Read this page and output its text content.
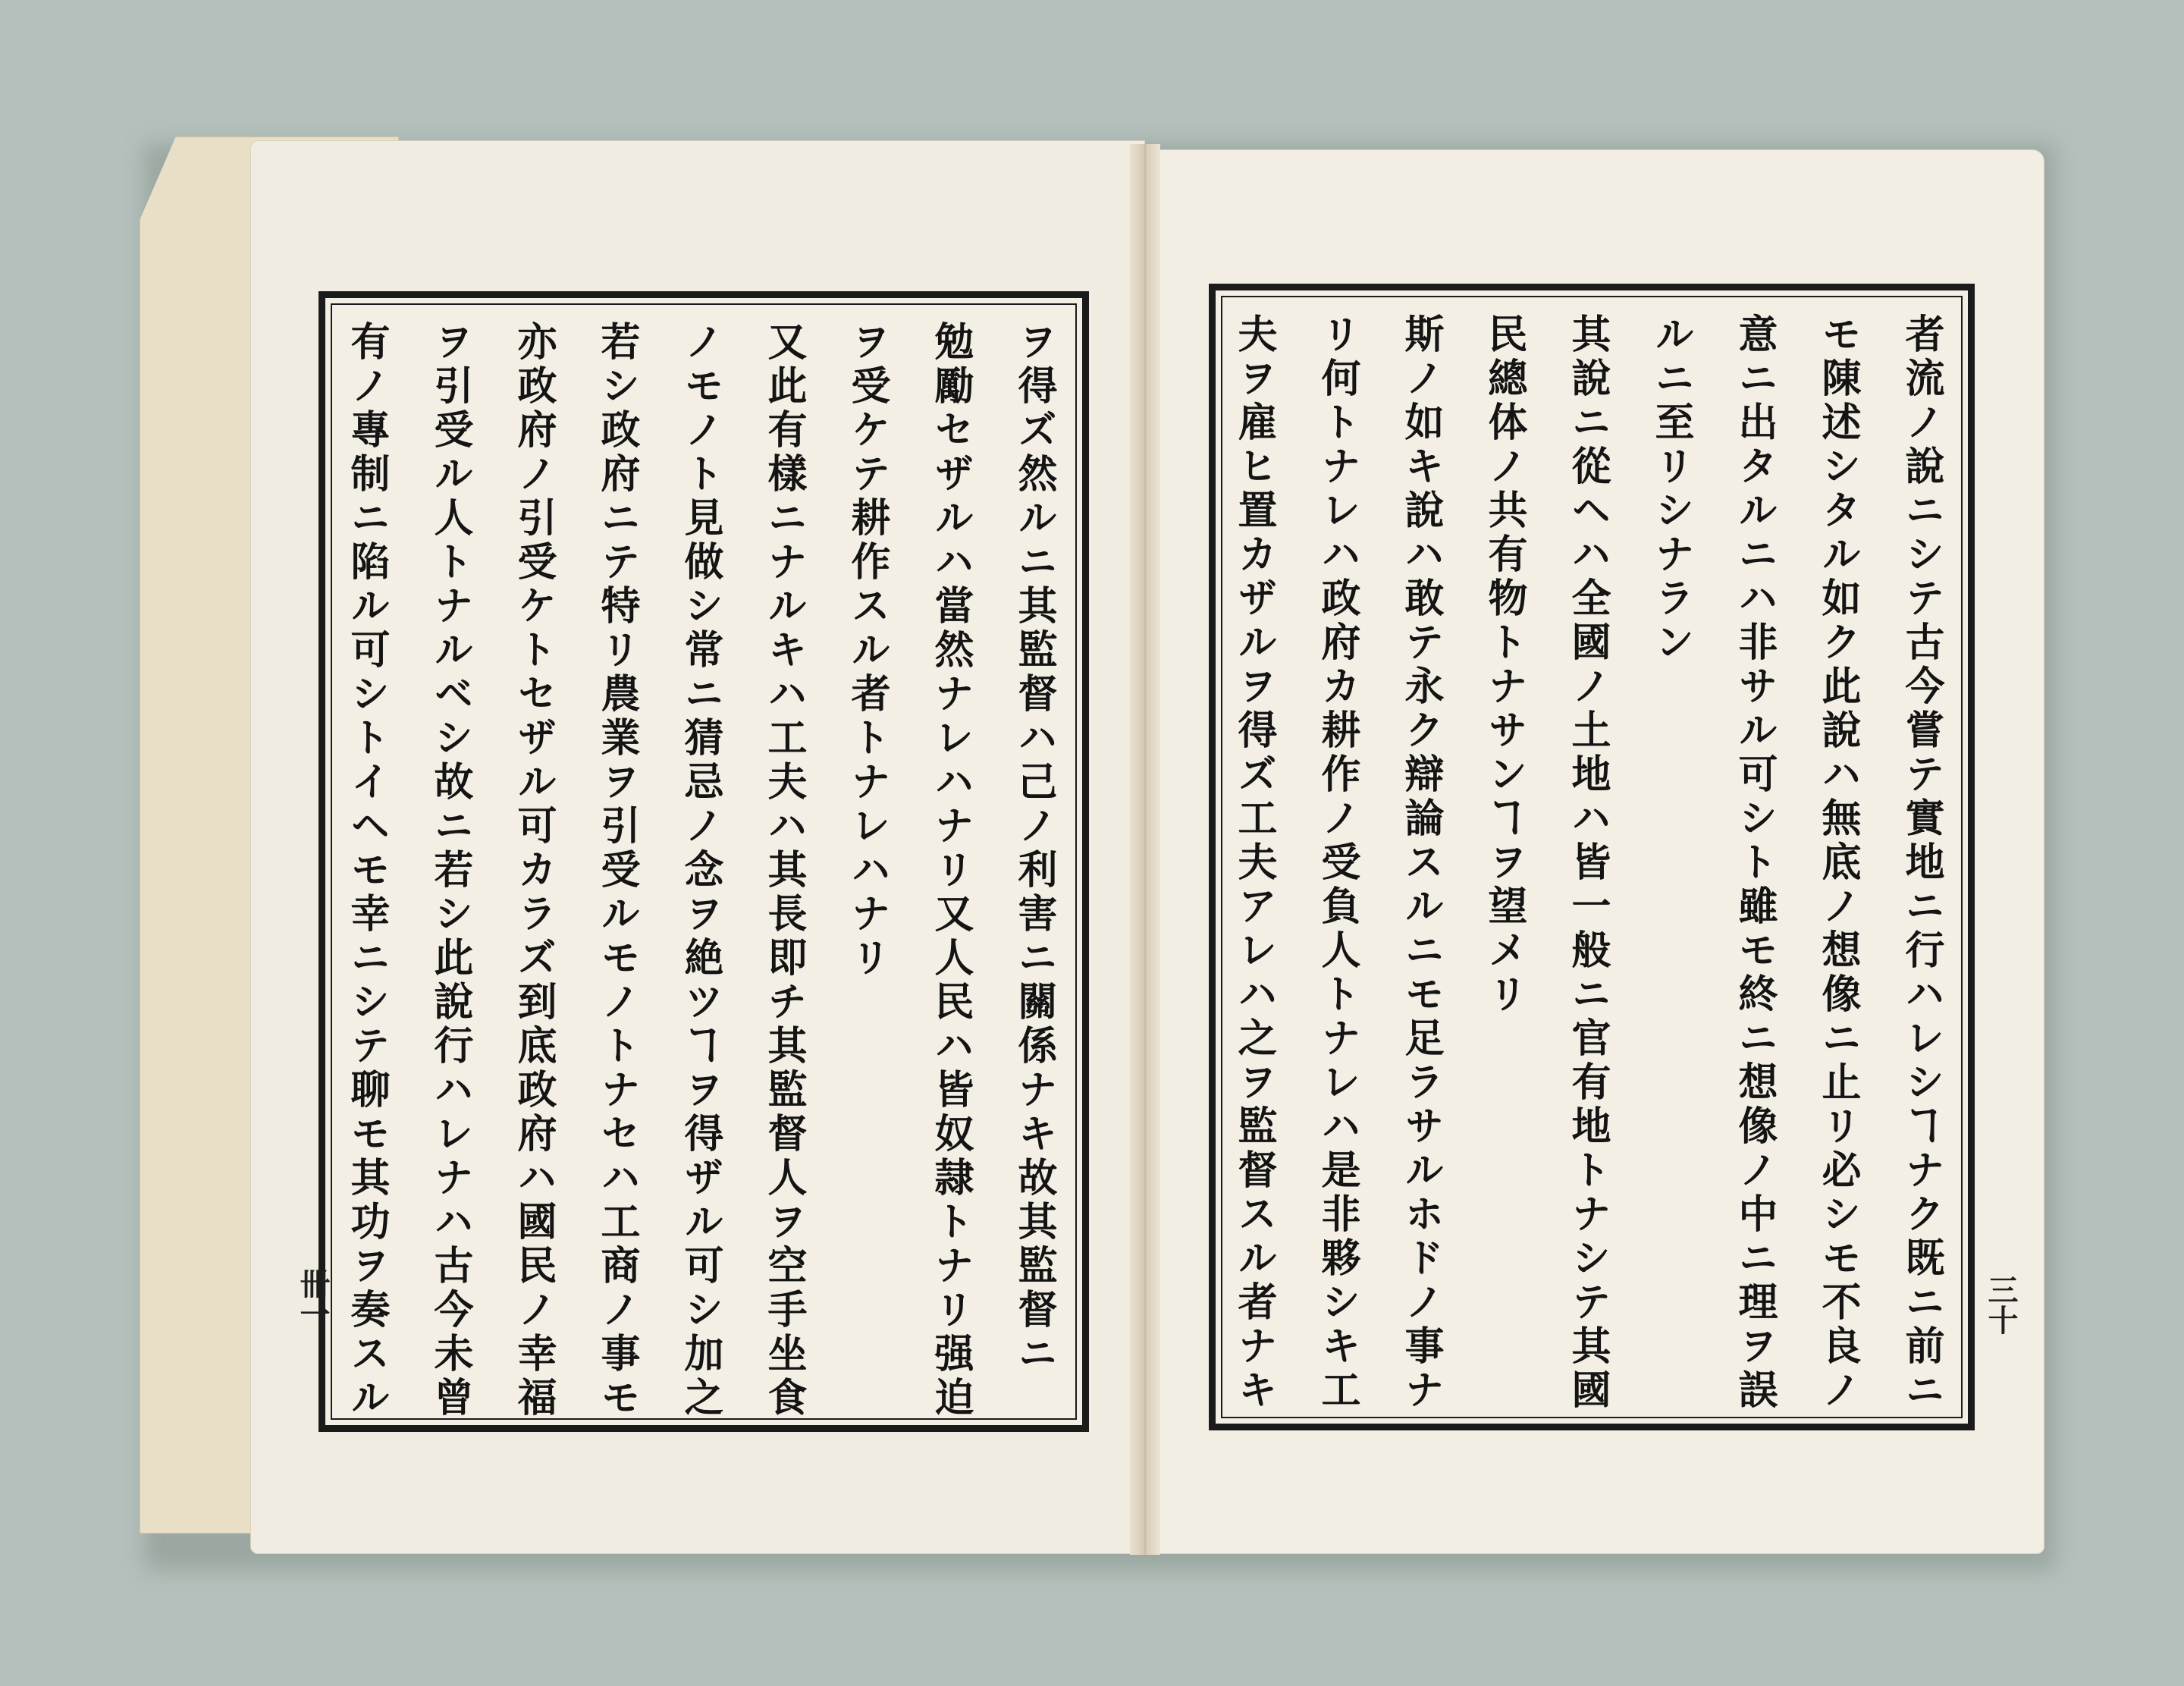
ヲ得ズ然ルニ其監督ハ己ノ利害ニ關係ナキ故其監督ニ
勉勵セザルハ當然ナレハナリ又人民ハ皆奴隷トナリ强迫
ヲ受ケテ耕作スル者トナレハナリ
又此有樣ニナルキハ工夫ハ其長即チ其監督人ヲ空手坐食
ノモノト見做シ常ニ猜忌ノ念ヲ絶ツヿヲ得ザル可シ加之
若シ政府ニテ特リ農業ヲ引受ルモノトナセハ工商ノ事モ
亦政府ノ引受ケトセザル可カラズ到底政府ハ國民ノ幸福
ヲ引受ル人トナルベシ故ニ若シ此說行ハレナハ古今未曾
有ノ專制ニ陷ル可シトイヘモ幸ニシテ聊モ其功ヲ奏スル	者流ノ說ニシテ古今嘗テ實地ニ行ハレシヿナク既ニ前ニ
モ陳述シタル如ク此說ハ無底ノ想像ニ止リ必シモ不良ノ
意ニ出タルニハ非サル可シト雖モ終ニ想像ノ中ニ理ヲ誤
ルニ至リシナラン
其說ニ從ヘハ全國ノ土地ハ皆一般ニ官有地トナシテ其國
民總体ノ共有物トナサンヿヲ望メリ
斯ノ如キ說ハ敢テ永ク辯論スルニモ足ラサルホドノ事ナ
リ何トナレハ政府カ耕作ノ受負人トナレハ是非夥シキ工
夫ヲ雇ヒ置カザルヲ得ズ工夫アレハ之ヲ監督スル者ナキ
卌一	三十
